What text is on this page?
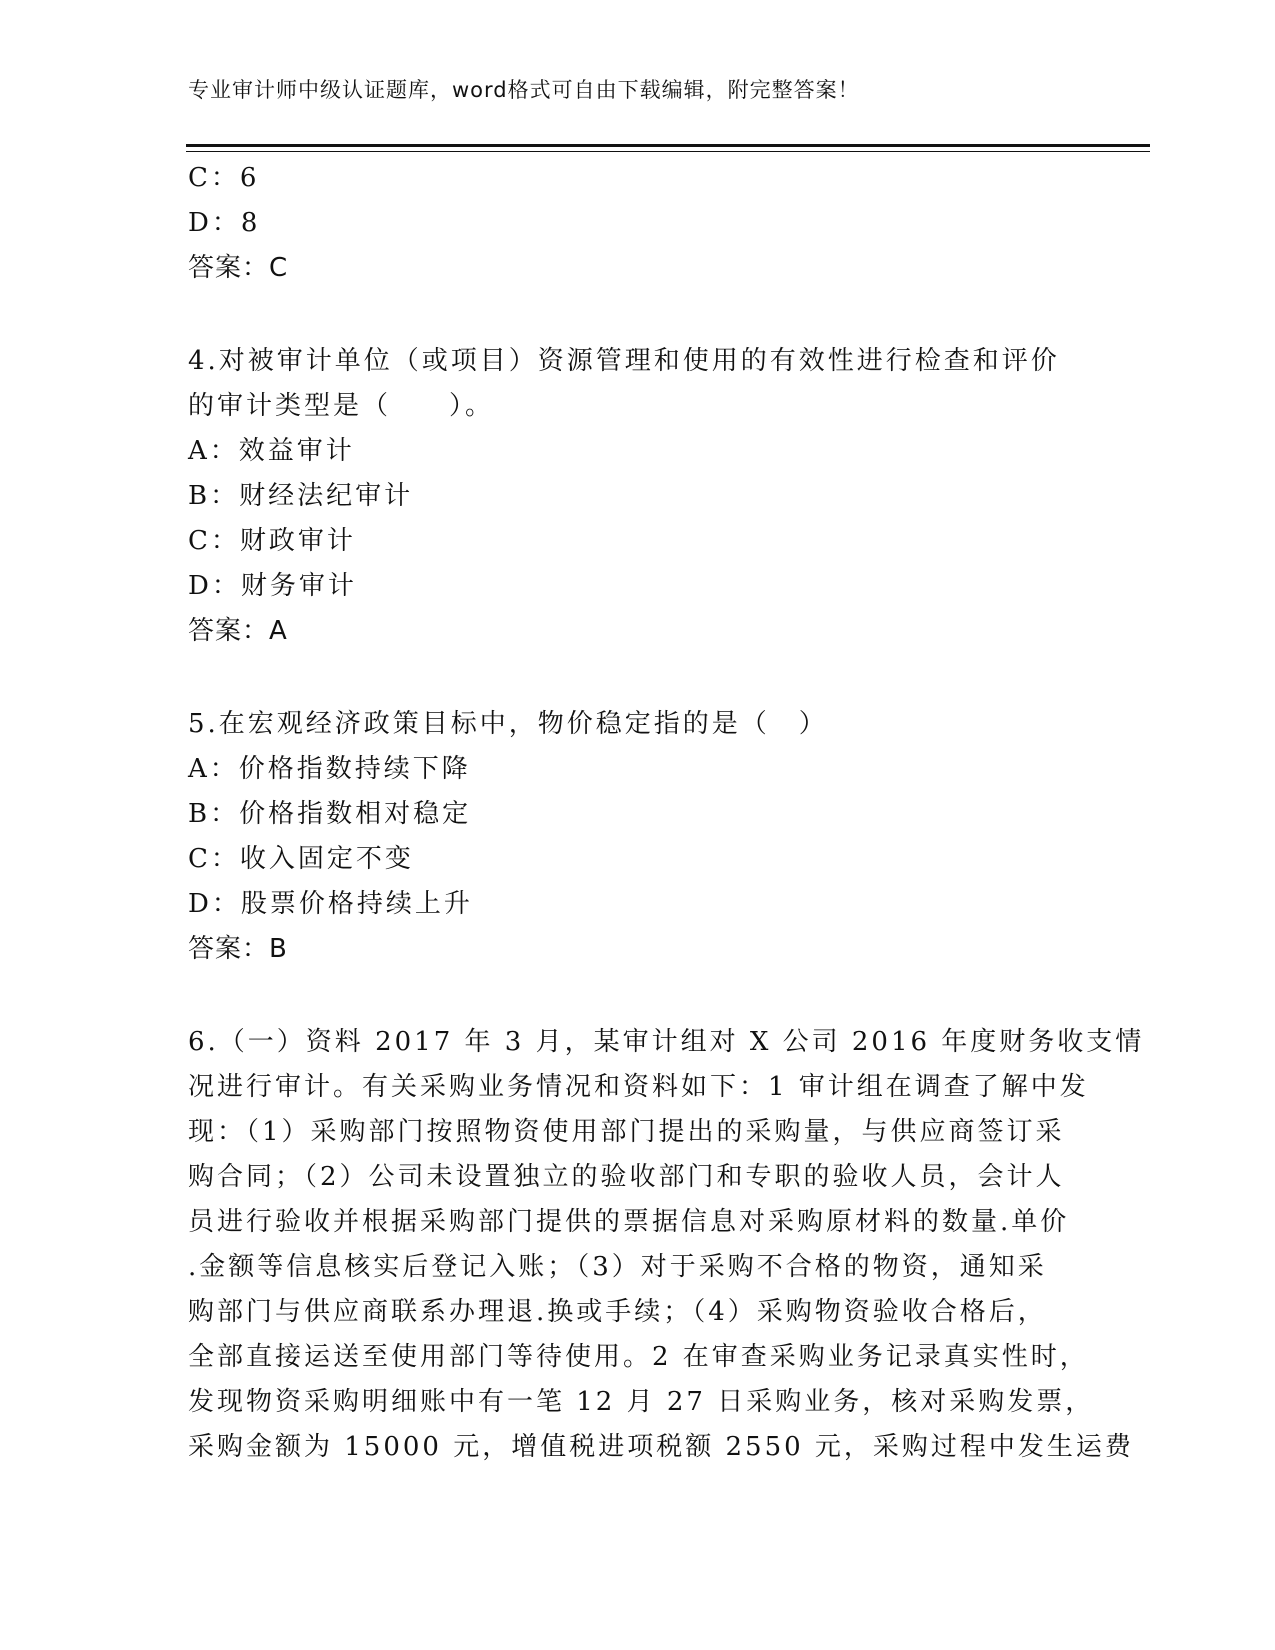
专业审计师中级认证题库，word格式可自由下载编辑，附完整答案！
C：6
D：8
答案：C
4.对被审计单位（或项目）资源管理和使用的有效性进行检查和评价
的审计类型是（　　）。
A：效益审计
B：财经法纪审计
C：财政审计
D：财务审计
答案：A
5.在宏观经济政策目标中，物价稳定指的是（　）
A：价格指数持续下降
B：价格指数相对稳定
C：收入固定不变
D：股票价格持续上升
答案：B
6.（一）资料 2017 年 3 月，某审计组对 X 公司 2016 年度财务收支情
况进行审计。有关采购业务情况和资料如下：1 审计组在调查了解中发
现：（1）采购部门按照物资使用部门提出的采购量，与供应商签订采
购合同；（2）公司未设置独立的验收部门和专职的验收人员，会计人
员进行验收并根据采购部门提供的票据信息对采购原材料的数量.单价
.金额等信息核实后登记入账；（3）对于采购不合格的物资，通知采
购部门与供应商联系办理退.换或手续；（4）采购物资验收合格后，
全部直接运送至使用部门等待使用。2 在审查采购业务记录真实性时，
发现物资采购明细账中有一笔 12 月 27 日采购业务，核对采购发票，
采购金额为 15000 元，增值税进项税额 2550 元，采购过程中发生运费
